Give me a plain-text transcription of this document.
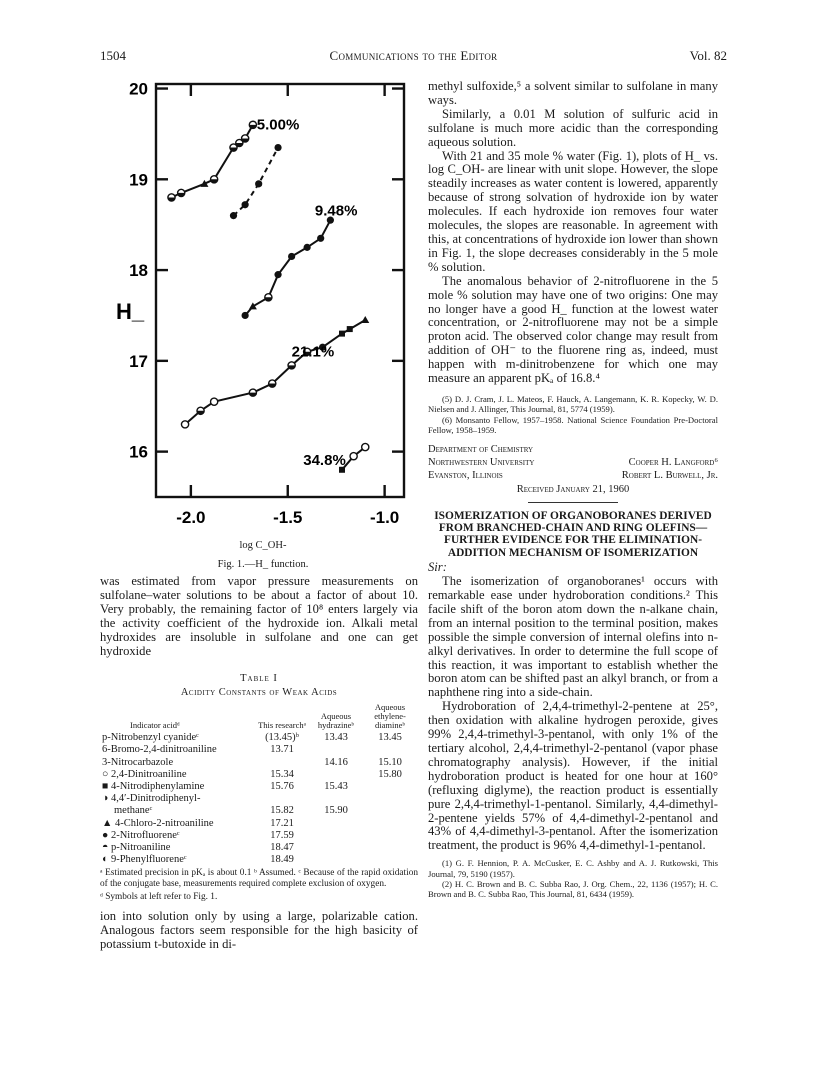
1504	Communications to the Editor	Vol. 82
20
19
18
17
16
-2.0	-1.5	-1.0
H_
5.00%
9.48%
21.1%
34.8%
log C_OH-
Fig. 1.—H_ function.

was estimated from vapor pressure measurements on sulfolane–water solutions to be about a factor of about 10. Very probably, the remaining factor of 10⁸ enters largely via the activity coefficient of the hydroxide ion. Alkali metal hydroxides are insoluble in sulfolane and one can get hydroxide

Table I
Acidity Constants of Weak Acids
Indicator acidᵈ	This researchᵃ	Aqueous hydrazineᵇ	Aqueous ethylene-diamineᵇ
p-Nitrobenzyl cyanideᶜ	(13.45)ᵇ	13.43	13.45
6-Bromo-2,4-dinitroaniline	13.71		
3-Nitrocarbazole		14.16	15.10
○ 2,4-Dinitroaniline	15.34		15.80
■ 4-Nitrodiphenylamine	15.76	15.43	
◑ 4,4′-Dinitrodiphenyl-			
methaneᶜ	15.82	15.90	
▲ 4-Chloro-2-nitroaniline	17.21		
● 2-Nitrofluoreneᶜ	17.59		
◓ p-Nitroaniline	18.47		
◐ 9-Phenylfluoreneᶜ	18.49		
ᵃ Estimated precision in pKₐ is about 0.1 ᵇ Assumed. ᶜ Because of the rapid oxidation of the conjugate base, measurements required complete exclusion of oxygen.
ᵈ Symbols at left refer to Fig. 1.

ion into solution only by using a large, polarizable cation. Analogous factors seem responsible for the high basicity of potassium t-butoxide in di-

methyl sulfoxide,⁵ a solvent similar to sulfolane in many ways.

Similarly, a 0.01 M solution of sulfuric acid in sulfolane is much more acidic than the corresponding aqueous solution.

With 21 and 35 mole % water (Fig. 1), plots of H_ vs. log C_OH- are linear with unit slope. However, the slope steadily increases as water content is lowered, apparently because of strong solvation of hydroxide ion by water molecules. If each hydroxide ion removes four water molecules, the slopes are reasonable. In agreement with this, at concentrations of hydroxide ion lower than shown in Fig. 1, the slope decreases considerably in the 5 mole % solution.

The anomalous behavior of 2-nitrofluorene in the 5 mole % solution may have one of two origins: One may no longer have a good H_ function at the lowest water concentration, or 2-nitrofluorene may not be a simple proton acid. The observed color change may result from addition of OH⁻ to the fluorene ring as, indeed, must happen with m-dinitrobenzene for which one may measure an apparent pKₐ of 16.8.⁴

(5) D. J. Cram, J. L. Mateos, F. Hauck, A. Langemann, K. R. Kopecky, W. D. Nielsen and J. Allinger, This Journal, 81, 5774 (1959).

(6) Monsanto Fellow, 1957–1958. National Science Foundation Pre-Doctoral Fellow, 1958–1959.

Department of Chemistry
Northwestern University	Cooper H. Langford⁶
Evanston, Illinois	Robert L. Burwell, Jr.
Received January 21, 1960
ISOMERIZATION OF ORGANOBORANES DERIVED FROM BRANCHED-CHAIN AND RING OLEFINS—FURTHER EVIDENCE FOR THE ELIMINATION-ADDITION MECHANISM OF ISOMERIZATION

Sir:

The isomerization of organoboranes¹ occurs with remarkable ease under hydroboration conditions.² This facile shift of the boron atom down the n-alkane chain, from an internal position to the terminal position, makes possible the simple conversion of internal olefins into n-alkyl derivatives. In order to determine the full scope of this reaction, it was important to establish whether the boron atom can be shifted past an alkyl branch, or from a naphthene ring into a side-chain.

Hydroboration of 2,4,4-trimethyl-2-pentene at 25°, then oxidation with alkaline hydrogen peroxide, gives 99% 2,4,4-trimethyl-3-pentanol, with only 1% of the tertiary alcohol, 2,4,4-trimethyl-2-pentanol (vapor phase chromatography analysis). However, if the initial hydroboration product is heated for one hour at 160° (refluxing diglyme), the reaction product is essentially pure 2,4,4-trimethyl-1-pentanol. Similarly, 4,4-dimethyl-2-pentene yields 57% of 4,4-dimethyl-2-pentanol and 43% of 4,4-dimethyl-3-pentanol. After the isomerization treatment, the product is 96% 4,4-dimethyl-1-pentanol.

(1) G. F. Hennion, P. A. McCusker, E. C. Ashby and A. J. Rutkowski, This Journal, 79, 5190 (1957).

(2) H. C. Brown and B. C. Subba Rao, J. Org. Chem., 22, 1136 (1957); H. C. Brown and B. C. Subba Rao, This Journal, 81, 6434 (1959).
